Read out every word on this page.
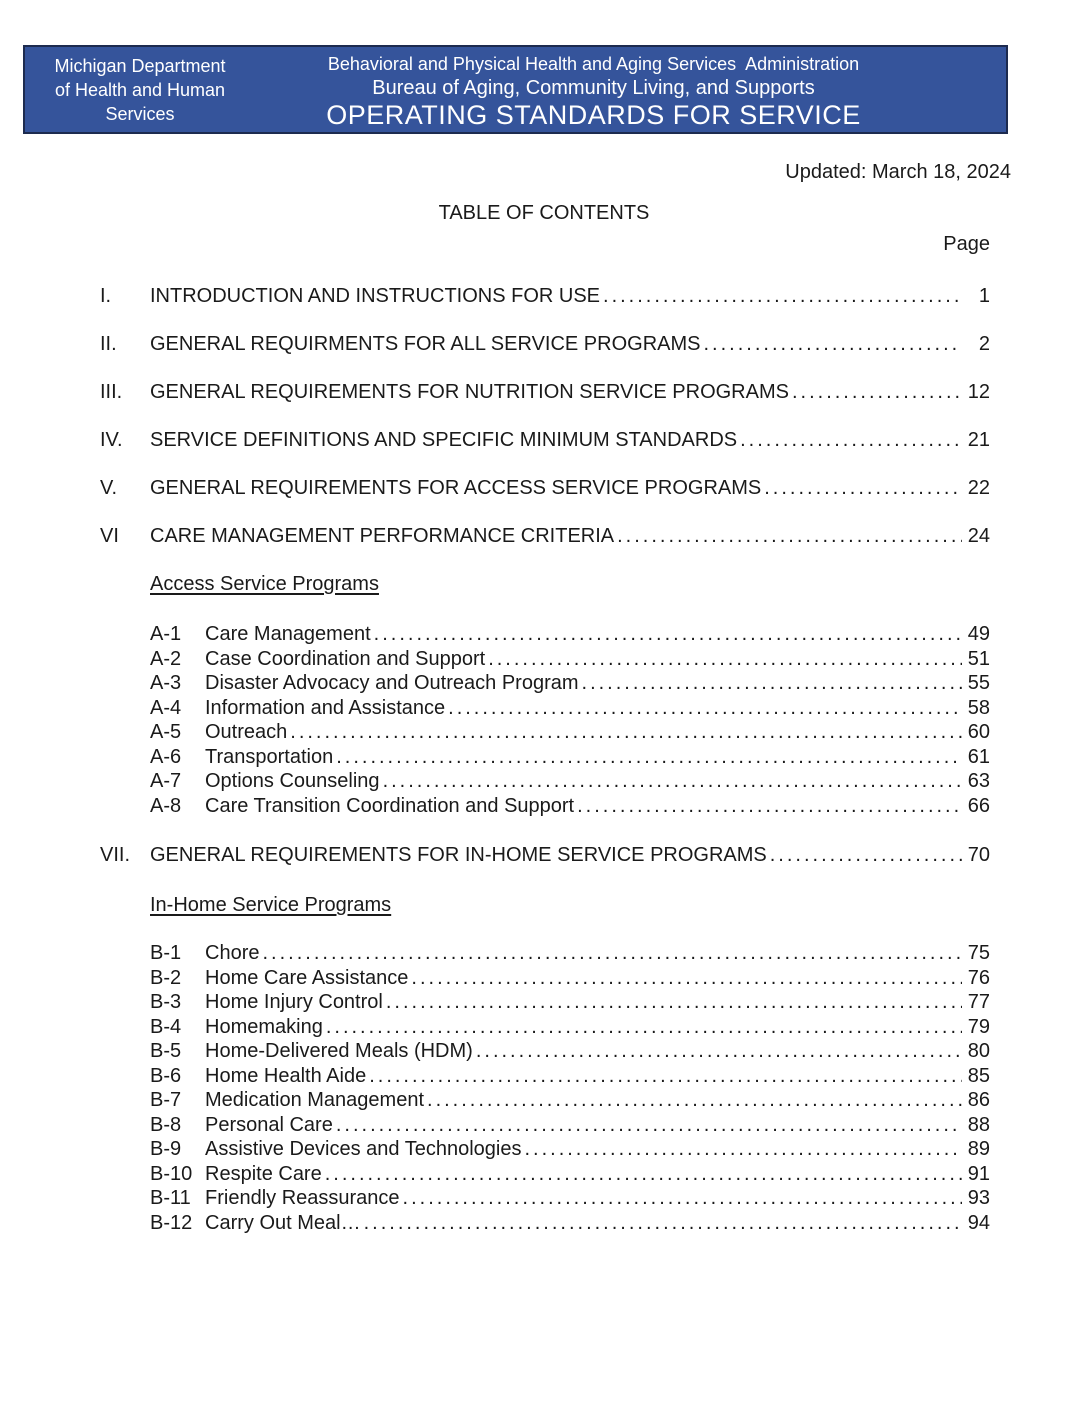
Michigan Department
of Health and Human
Services
Behavioral and Physical Health and Aging Services  Administration
Bureau of Aging, Community Living, and Supports
OPERATING STANDARDS FOR SERVICE PROGRAMS
Updated: March 18, 2024
TABLE OF CONTENTS
Page
I.	INTRODUCTION AND INSTRUCTIONS FOR USE .....	1
II.	GENERAL REQUIRMENTS FOR ALL SERVICE PROGRAMS .....	2
III.	GENERAL REQUIREMENTS FOR NUTRITION SERVICE PROGRAMS .....	12
IV.	SERVICE DEFINITIONS AND SPECIFIC MINIMUM STANDARDS .....	21
V.	GENERAL REQUIREMENTS FOR ACCESS SERVICE PROGRAMS .....	22
VI	CARE MANAGEMENT PERFORMANCE CRITERIA .....	24
Access Service Programs
A-1	Care Management .....	49
A-2	Case Coordination and Support .....	51
A-3	Disaster Advocacy and Outreach Program .....	55
A-4	Information and Assistance .....	58
A-5	Outreach .....	60
A-6	Transportation .....	61
A-7	Options Counseling .....	63
A-8	Care Transition Coordination and Support .....	66
VII. GENERAL REQUIREMENTS FOR IN-HOME SERVICE PROGRAMS .....	70
In-Home Service Programs
B-1	Chore .....	75
B-2	Home Care Assistance .....	76
B-3	Home Injury Control .....	77
B-4	Homemaking .....	79
B-5	Home-Delivered Meals (HDM) .....	80
B-6	Home Health Aide .....	85
B-7	Medication Management .....	86
B-8	Personal Care .....	88
B-9	Assistive Devices and Technologies .....	89
B-10 Respite Care .....	91
B-11 Friendly Reassurance .....	93
B-12 Carry Out Meal… .....	94
